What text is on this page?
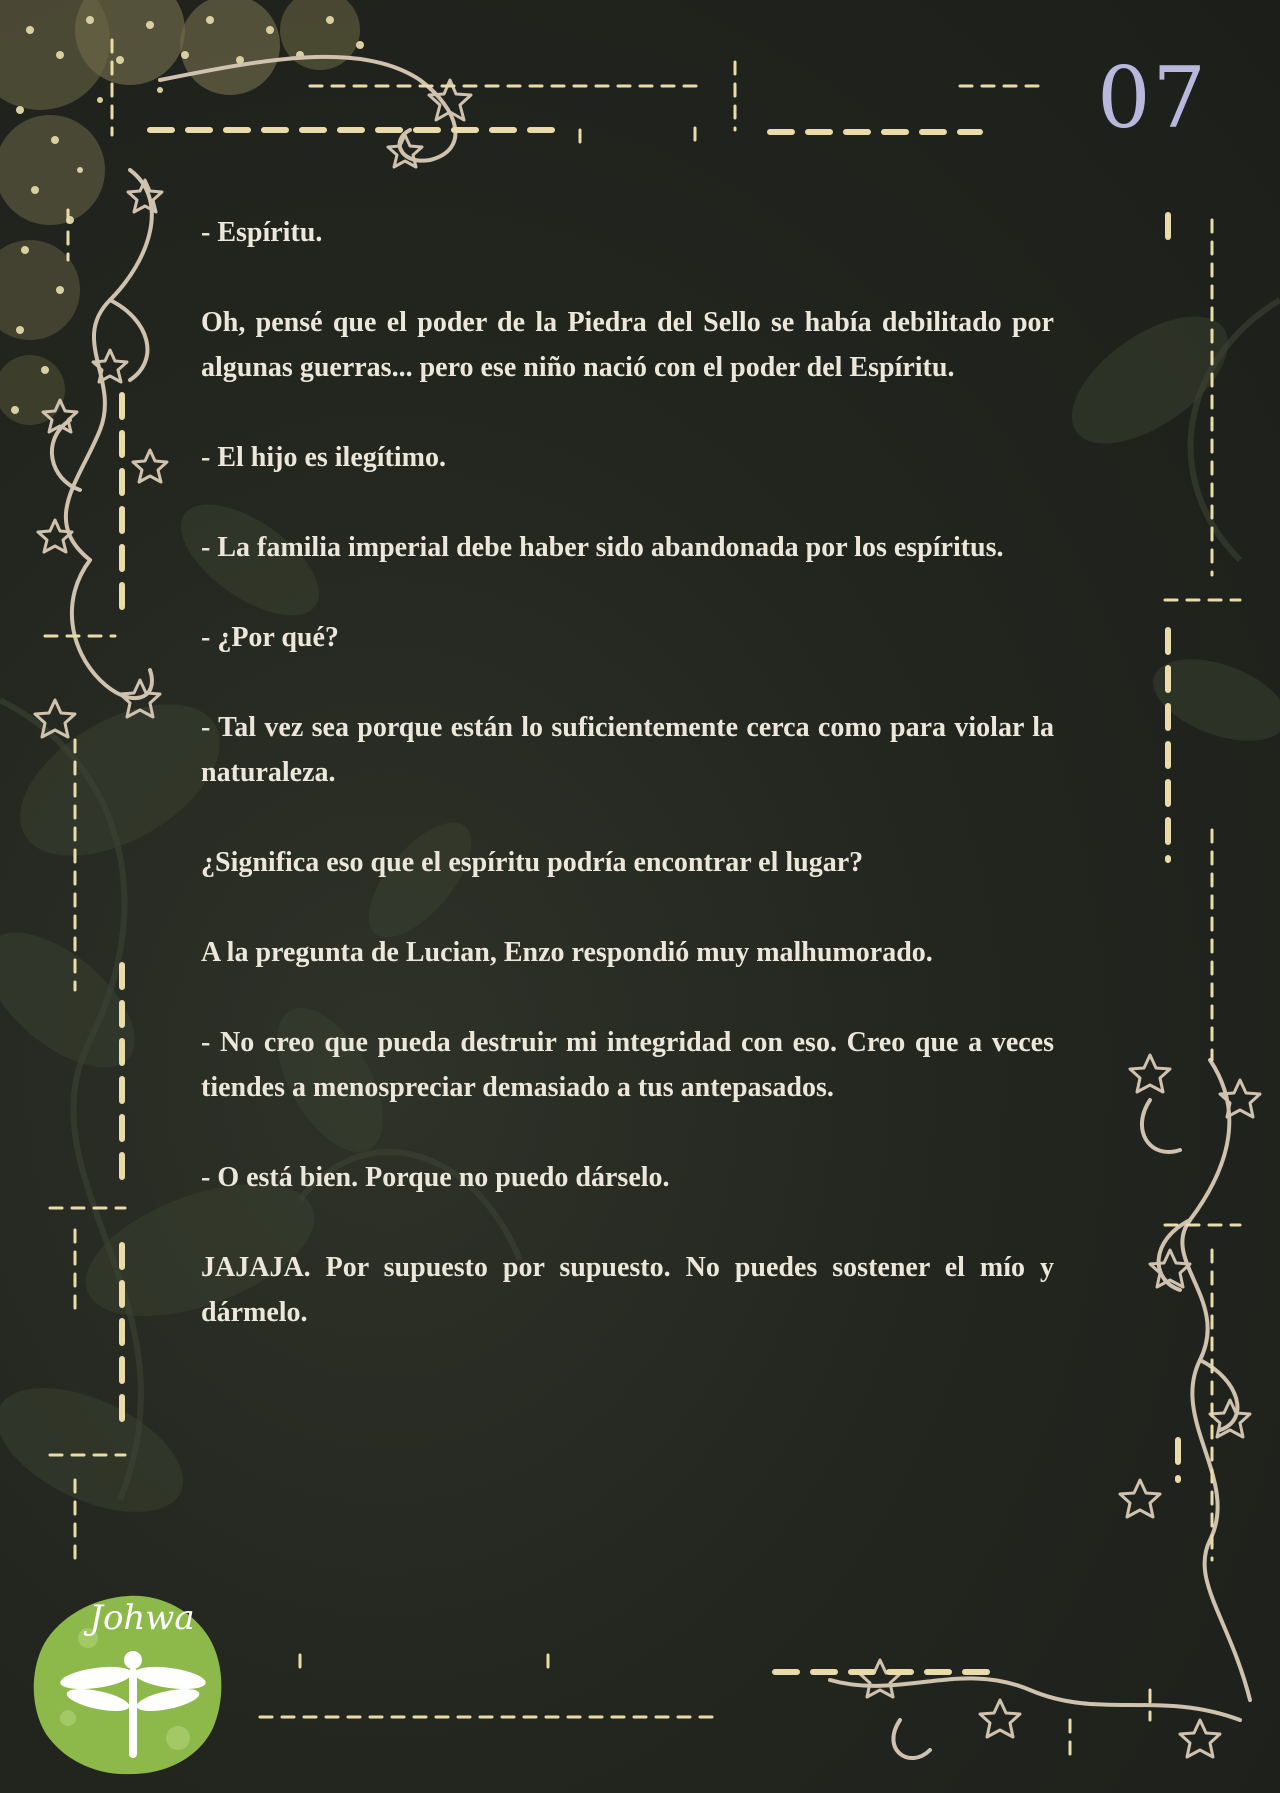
07

- Espíritu.

Oh, pensé que el poder de la Piedra del Sello se había debilitado por algunas guerras... pero ese niño nació con el poder del Espíritu.

- El hijo es ilegítimo.

- La familia imperial debe haber sido abandonada por los espíritus.

- ¿Por qué?

- Tal vez sea porque están lo suficientemente cerca como para violar la naturaleza.

¿Significa eso que el espíritu podría encontrar el lugar?

A la pregunta de Lucian, Enzo respondió muy malhumorado.

- No creo que pueda destruir mi integridad con eso. Creo que a veces tiendes a menospreciar demasiado a tus antepasados.

- O está bien. Porque no puedo dárselo.

JAJAJA. Por supuesto por supuesto. No puedes sostener el mío y dármelo.

Johwa
